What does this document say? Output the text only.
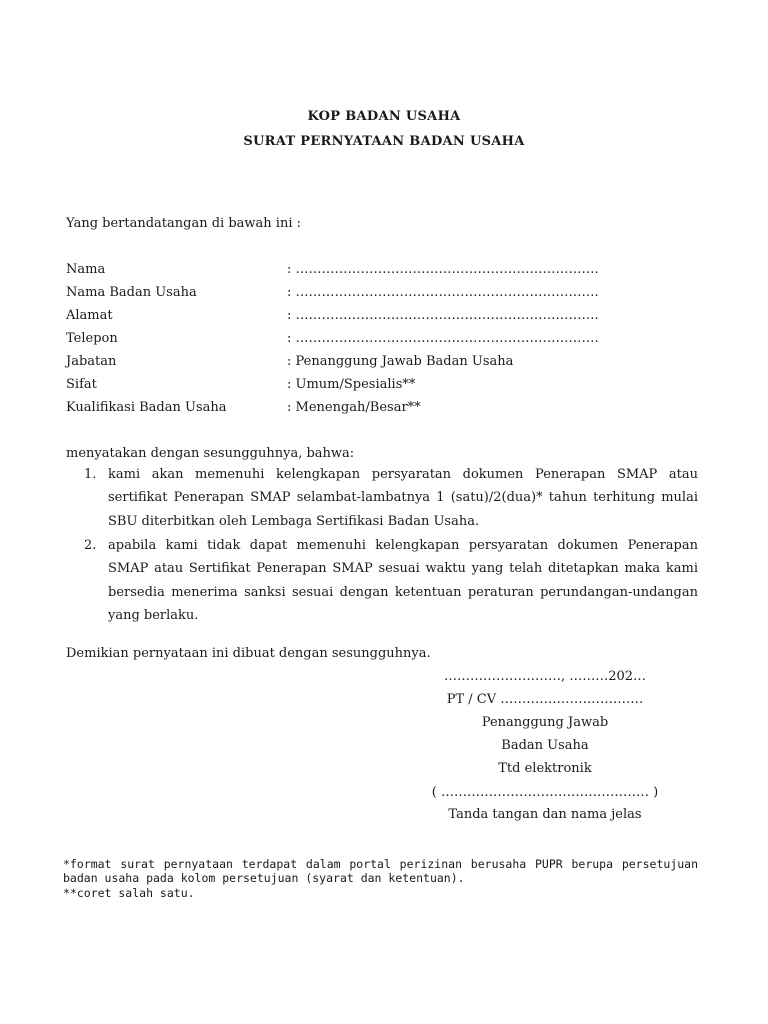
KOP BADAN USAHA
SURAT PERNYATAAN BADAN USAHA
Yang bertandatangan di bawah ini :
Nama	: …………………………………………………………….
Nama Badan Usaha	: …………………………………………………………….
Alamat	: …………………………………………………………….
Telepon	: …………………………………………………………….
Jabatan	: Penanggung Jawab Badan Usaha
Sifat	: Umum/Spesialis**
Kualifikasi Badan Usaha	: Menengah/Besar**
menyatakan dengan sesungguhnya, bahwa:
1. kami akan memenuhi kelengkapan persyaratan dokumen Penerapan SMAP atau sertifikat Penerapan SMAP selambat-lambatnya 1 (satu)/2(dua)* tahun terhitung mulai SBU diterbitkan oleh Lembaga Sertifikasi Badan Usaha.
2. apabila kami tidak dapat memenuhi kelengkapan persyaratan dokumen Penerapan SMAP atau Sertifikat Penerapan SMAP sesuai waktu yang telah ditetapkan maka kami bersedia menerima sanksi sesuai dengan ketentuan peraturan perundangan-undangan yang berlaku.
Demikian pernyataan ini dibuat dengan sesungguhnya.
………………………, ………202…
PT / CV ……………………………
Penanggung Jawab
Badan Usaha
Ttd elektronik
( ………………………………………… )
Tanda tangan dan nama jelas
*format surat pernyataan terdapat dalam portal perizinan berusaha PUPR berupa persetujuan badan usaha pada kolom persetujuan (syarat dan ketentuan).
**coret salah satu.
